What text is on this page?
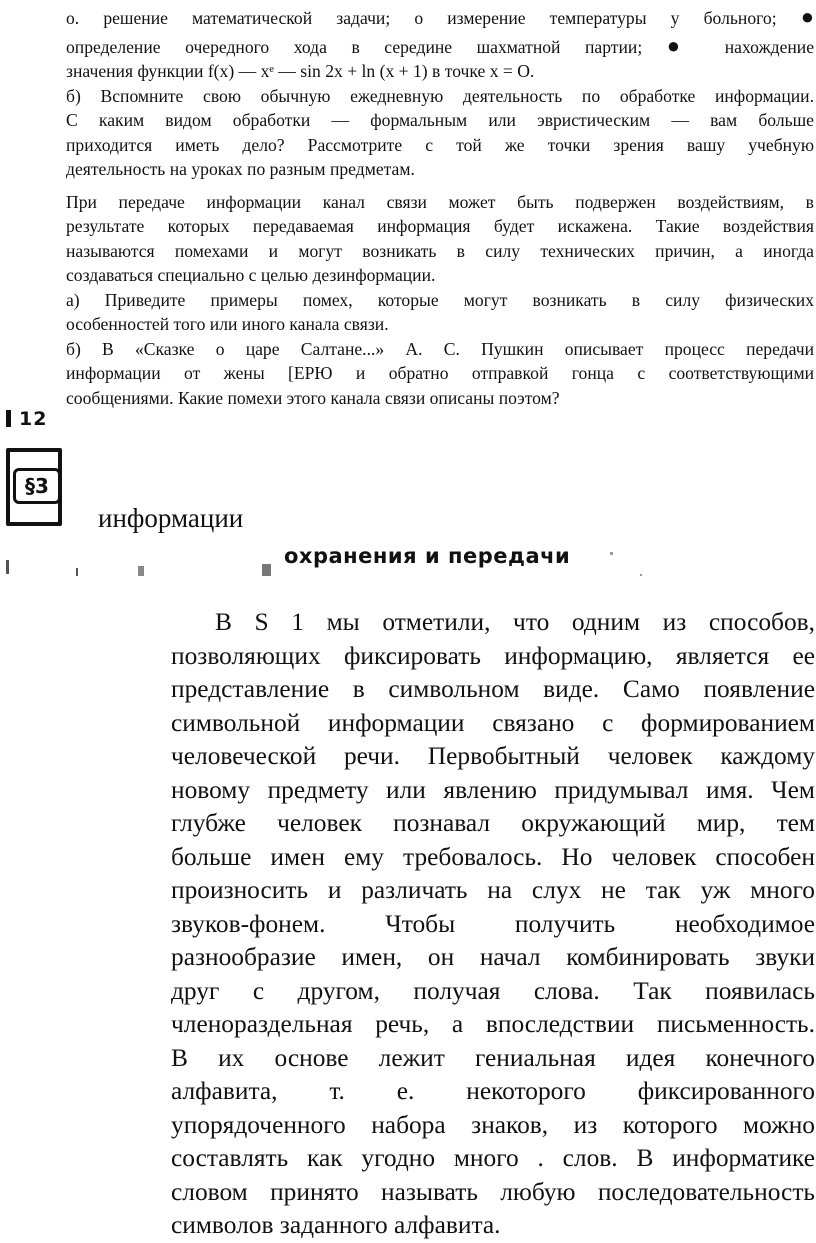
о. решение математической задачи; о измерение температуры у больного; ●
определение очередного хода в середине шахматной партии; ● нахождение
значения функции f(x) — xᵉ — sin 2x + ln (x + 1) в точке x = O.

б) Вспомните свою обычную ежедневную деятельность по обработке информации.
С каким видом обработки — формальным или эвристическим — вам больше
приходится иметь дело? Рассмотрите с той же точки зрения вашу учебную
деятельность на уроках по разным предметам.

При передаче информации канал связи может быть подвержен воздействиям, в
результате которых передаваемая информация будет искажена. Такие воздействия
называются помехами и могут возникать в силу технических причин, а иногда
создаваться специально с целью дезинформации.
а) Приведите примеры помех, которые могут возникать в силу физических
особенностей того или иного канала связи.
б) В «Сказке о царе Салтане...» А. С. Пушкин описывает процесс передачи
информации от жены [ЕРЮ и обратно отправкой гонца с соответствующими
сообщениями. Какие помехи этого канала связи описаны поэтом?

12
§3
информации
охранения и передачи
В S 1 мы отметили, что одним из способов,
позволяющих фиксировать информацию, является ее
представление в символьном виде. Само появление
символьной информации связано с формированием
человеческой речи. Первобытный человек каждому
новому предмету или явлению придумывал имя. Чем
глубже человек познавал окружающий мир, тем
больше имен ему требовалось. Но человек способен
произносить и различать на слух не так уж много
звуков-фонем. Чтобы получить необходимое
разнообразие имен, он начал комбинировать звуки
друг с другом, получая слова. Так появилась
членораздельная речь, а впоследствии письменность.
В их основе лежит гениальная идея конечного
алфавита, т. е. некоторого фиксированного
упорядоченного набора знаков, из которого можно
составлять как угодно много . слов. В информатике
словом принято называть любую последовательность
символов заданного алфавита.
